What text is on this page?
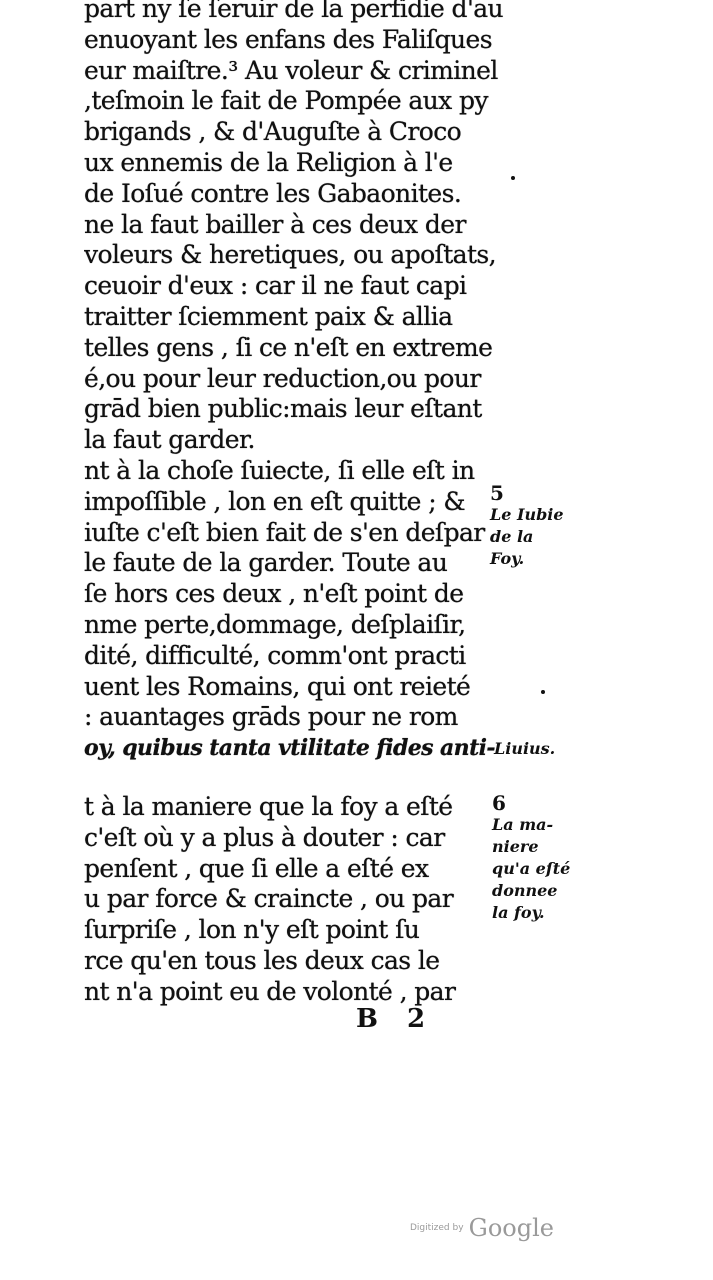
part ny ſe ſeruir de la perfidie d'au
enuoyant les enfans des Faliſques
eur maiſtre.³ Au voleur & criminel
,teſmoin le fait de Pompée aux py
brigands , & d'Auguſte à Croco
ux ennemis de la Religion à l'e
de Ioſué contre les Gabaonites.
ne la faut bailler à ces deux der
voleurs & heretiques, ou apoſtats,
ceuoir d'eux : car il ne faut capi
traitter ſciemment paix & allia
telles gens , ſi ce n'eſt en extreme
é,ou pour leur reduction,ou pour
grād bien public:mais leur eſtant
la faut garder.
nt à la choſe ſuiecte, ſi elle eſt in
impoſſible , lon en eſt quitte ; &
iuſte c'eſt bien fait de s'en deſpar
le faute de la garder. Toute au
ſe hors ces deux , n'eſt point de
nme perte,dommage, deſplaiſir,
dité, difficulté, comm'ont practi
uent les Romains, qui ont reieté
: auantages grāds pour ne rom
oy, quibus tanta vtilitate fides anti-
t à la maniere que la foy a eſté
c'eſt où y a plus à douter : car
penſent , que ſi elle a eſté ex
u par force & craincte , ou par
ſurpriſe , lon n'y eſt point ſu
rce qu'en tous les deux cas le
nt n'a point eu de volonté , par
B 2
5
Le Iubie
de la
Foy.
Liuius.
6
La ma-
niere
qu'a eſté
donnee
la foy.
Digitized by Google
